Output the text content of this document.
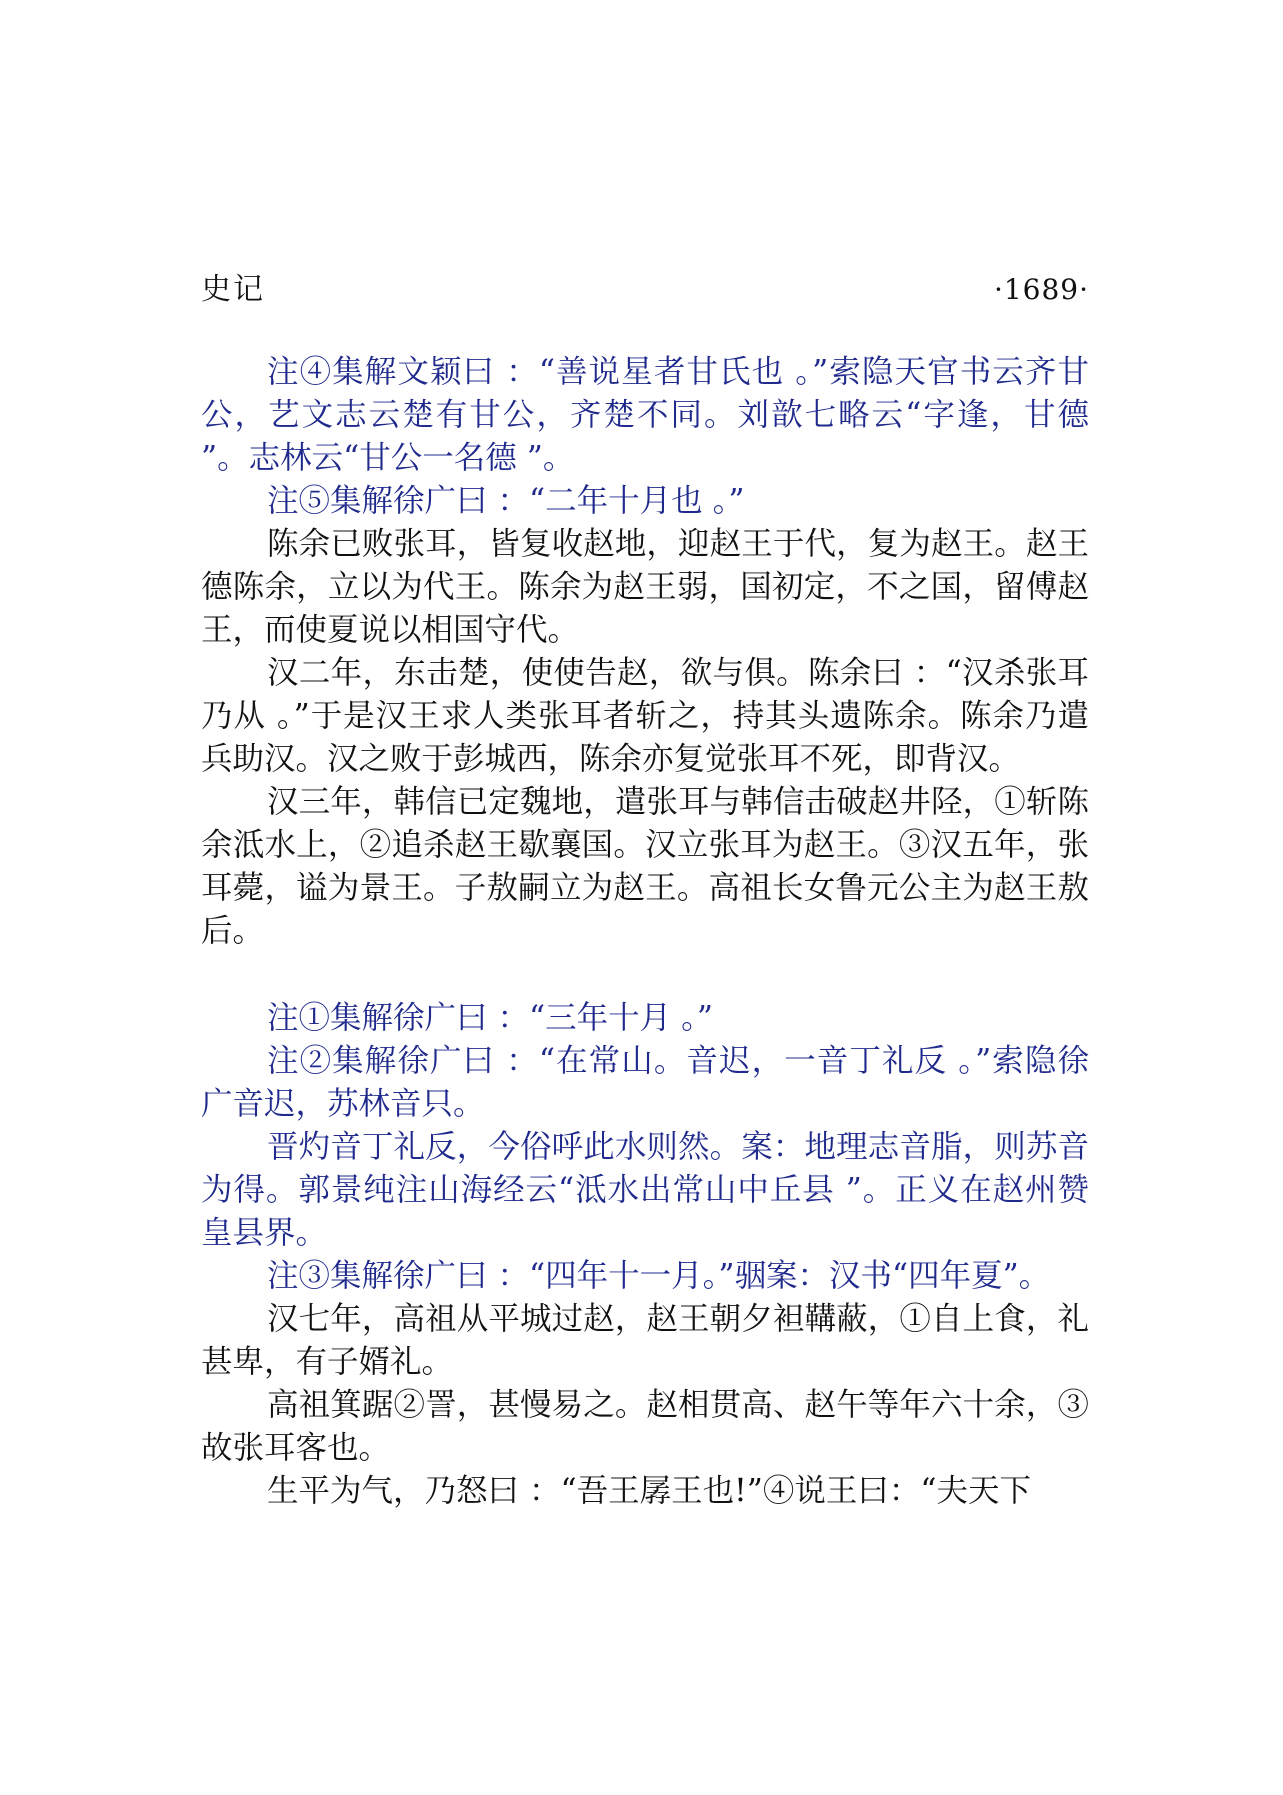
史记	·1689·

注④集解文颖曰 ：“善说星者甘氏也 。”索隐天官书云齐甘公，艺文志云楚有甘公，齐楚不同。刘歆七略云“字逢，甘德 ”。志林云“甘公一名德 ”。

注⑤集解徐广曰 ：“二年十月也 。”

陈余已败张耳，皆复收赵地，迎赵王于代，复为赵王。赵王德陈余，立以为代王。陈余为赵王弱，国初定，不之国，留傅赵王，而使夏说以相国守代。

汉二年，东击楚，使使告赵，欲与俱。陈余曰 ：“汉杀张耳乃从 。”于是汉王求人类张耳者斩之，持其头遗陈余。陈余乃遣兵助汉。汉之败于彭城西，陈余亦复觉张耳不死，即背汉。

汉三年，韩信已定魏地，遣张耳与韩信击破赵井陉，①斩陈余泜水上，②追杀赵王歇襄国。汉立张耳为赵王。③汉五年，张耳薨，谥为景王。子敖嗣立为赵王。高祖长女鲁元公主为赵王敖后。

注①集解徐广曰 ：“三年十月 。”

注②集解徐广曰 ：“在常山。音迟，一音丁礼反 。”索隐徐广音迟，苏林音只。

晋灼音丁礼反，今俗呼此水则然。案：地理志音脂，则苏音为得。郭景纯注山海经云“泜水出常山中丘县 ”。正义在赵州赞皇县界。

注③集解徐广曰 ：“四年十一月。”骃案：汉书“四年夏”。

汉七年，高祖从平城过赵，赵王朝夕袒鞲蔽，①自上食，礼甚卑，有子婿礼。

高祖箕踞②詈，甚慢易之。赵相贯高、赵午等年六十余，③故张耳客也。

生平为气，乃怒曰 ：“吾王孱王也!”④说王曰：“夫天下
